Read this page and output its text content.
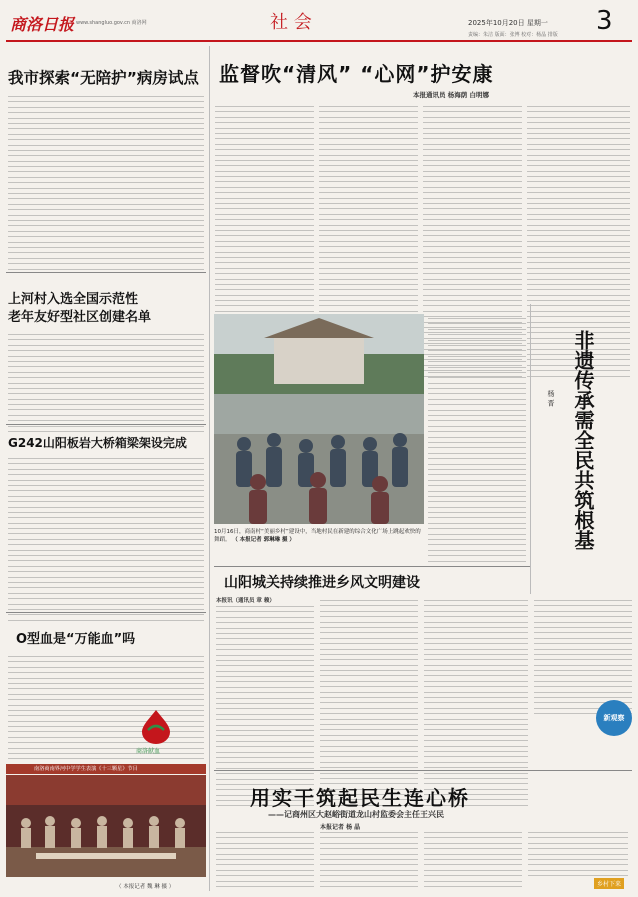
商洛日报 www.shangluo.gov.cn 商洛网	社 会	2025年10月20日 星期一 3
责编：朱洁 版面：张博 校对：杨晶 排版
我市探索“无陪护”病房试点
上河村入选全国示范性
老年友好型社区创建名单
G242山阳板岩大桥箱梁架设完成
O型血是“万能血”吗
商洛献血
南洛商南界河中学学生表演《十三颗星》节目
（ 本报记者 魏 琳 摄 ）
监督吹“清风” “心网”护安康
本报通讯员 杨海荫 白明娜
10月16日，商南村“美丽乡村”建设中，当地村民在新建的综合文化广场上跳起欢快的舞蹈。 （ 本报记者 郭琳琳 摄 ）	非遗传承需全民共筑根基
杨 晋
山阳城关持续推进乡风文明建设
本报讯（通讯员 章 赖）
新观察
用实干筑起民生连心桥
——记商州区大赵峪街道龙山村监委会主任王兴民
本报记者 杨 晶
乡村下来
